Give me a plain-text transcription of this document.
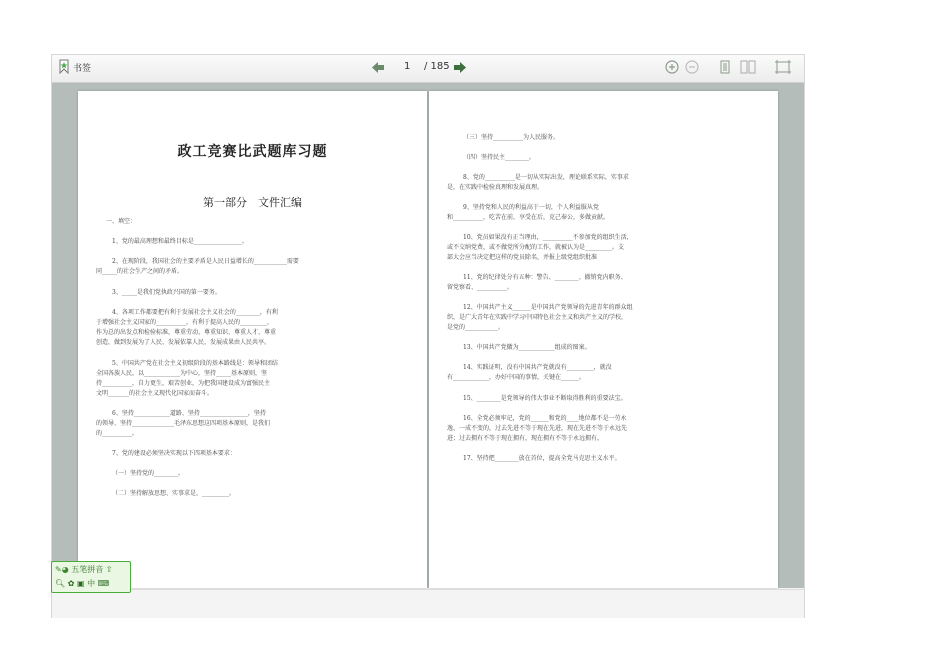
书签	1 / 185
政工竞赛比武题库习题
第一部分　文件汇编
一、填空：
1、党的最高理想和最终目标是________________。
2、在现阶段，我国社会的主要矛盾是人民日益增长的___________需要
同_____的社会生产之间的矛盾。
3、_____是我们党执政兴国的第一要务。
4、各项工作都要把有利于发展社会主义社会的________，有利
于增强社会主义国家的__________，有利于提高人民的_________，
作为总的出发点和检验标准，尊重劳动、尊重知识、尊重人才、尊重
创造，做到发展为了人民、发展依靠人民、发展成果由人民共享。
5、中国共产党在社会主义初级阶段的基本路线是：领导和团结
全国各族人民，以____________为中心，坚持_____基本原则，坚
持__________，自力更生，艰苦创业，为把我国建设成为富强民主
文明_______的社会主义现代化国家而奋斗。
6、坚持____________道路、坚持________________，坚持
的领导、坚持______________毛泽东思想这四项基本原则，是我们
的__________。
7、党的建设必须坚决实现以下四项基本要求：
（一）坚持党的________。
（二）坚持解放思想、实事求是，_________。
（三）坚持__________为人民服务。
（四）坚持民主________。
8、党的__________是一切从实际出发，理论联系实际，实事求
是，在实践中检验真理和发展真理。
9、坚持党和人民的利益高于一切，个人利益服从党
和__________，吃苦在前，享受在后，克己奉公，多做贡献。
10、党员如果没有正当理由，__________不参加党的组织生活，
或不交纳党费，或不做党所分配的工作，就被认为是_________。支
部大会应当决定把这样的党员除名，并报上级党组织批准
11、党的纪律处分有五种：警告、________、撤销党内职务、
留党察看、__________。
12、中国共产主义______是中国共产党领导的先进青年的群众组
织，是广大青年在实践中学习中国特色社会主义和共产主义的学校，
是党的___________。
13、中国共产党徽为____________组成的图案。
14、实践证明，没有中国共产党就没有_________，就没
有____________，办好中国的事情，关键在______。
15、________是党领导的伟大事业不断取得胜利的重要法宝。
16、全党必须牢记，党的______和党的____地位都不是一劳永
逸、一成不变的，过去先进不等于现在先进，现在先进不等于永远先
进；过去拥有不等于现在拥有，现在拥有不等于永远拥有。
17、坚持把________放在首位，提高全党马克思主义水平。
✎◕ 五笔拼音 ⇧
🔍︎ ✿ ▣ 中 ⌨
